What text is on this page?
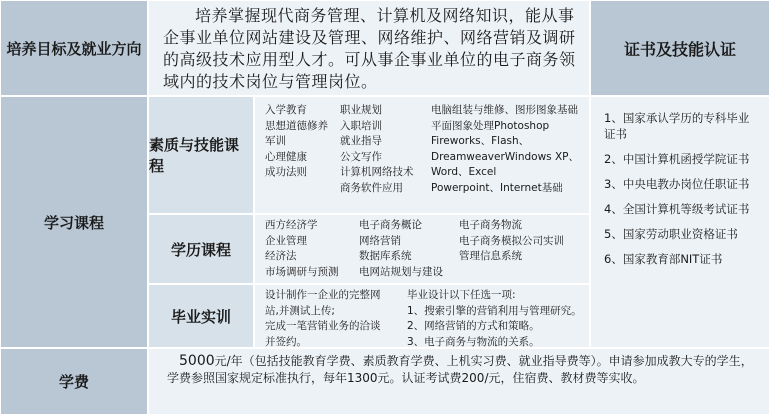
培养目标及就业方向
培养掌握现代商务管理、计算机及网络知识，能从事企事业单位网站建设及管理、网络维护、网络营销及调研的高级技术应用型人才。可从事企事业单位的电子商务领域内的技术岗位与管理岗位。
证书及技能认证
学习课程
素质与技能课程
入学教育
思想道德修养
军训
心理健康
成功法则
职业规划
入职培训
就业指导
公文写作
计算机网络技术
商务软件应用
电脑组装与维修、图形图象基础
平面图象处理Photoshop
Fireworks、Flash、
DreamweaverWindows XP、
Word、Excel
Powerpoint、Internet基础
学历课程
西方经济学
企业管理
经济法
市场调研与预测
电子商务概论
网络营销
数据库系统
电网站规划与建设
电子商务物流
电子商务模拟公司实训
管理信息系统
毕业实训
设计制作一企业的完整网
站,并测试上传;
完成一笔营销业务的洽谈
并签约。
毕业设计以下任选一项:
1、搜索引擎的营销利用与管理研究。
2、网络营销的方式和策略。
3、电子商务与物流的关系。
1、国家承认学历的专科毕业证书
2、中国计算机函授学院证书
3、中央电教办岗位任职证书
4、全国计算机等级考试证书
5、国家劳动职业资格证书
6、国家教育部NIT证书
学费
5000元/年（包括技能教育学费、素质教育学费、上机实习费、就业指导费等）。申请参加成教大专的学生，学费参照国家规定标准执行，每年1300元。认证考试费200/元，住宿费、教材费等实收。
